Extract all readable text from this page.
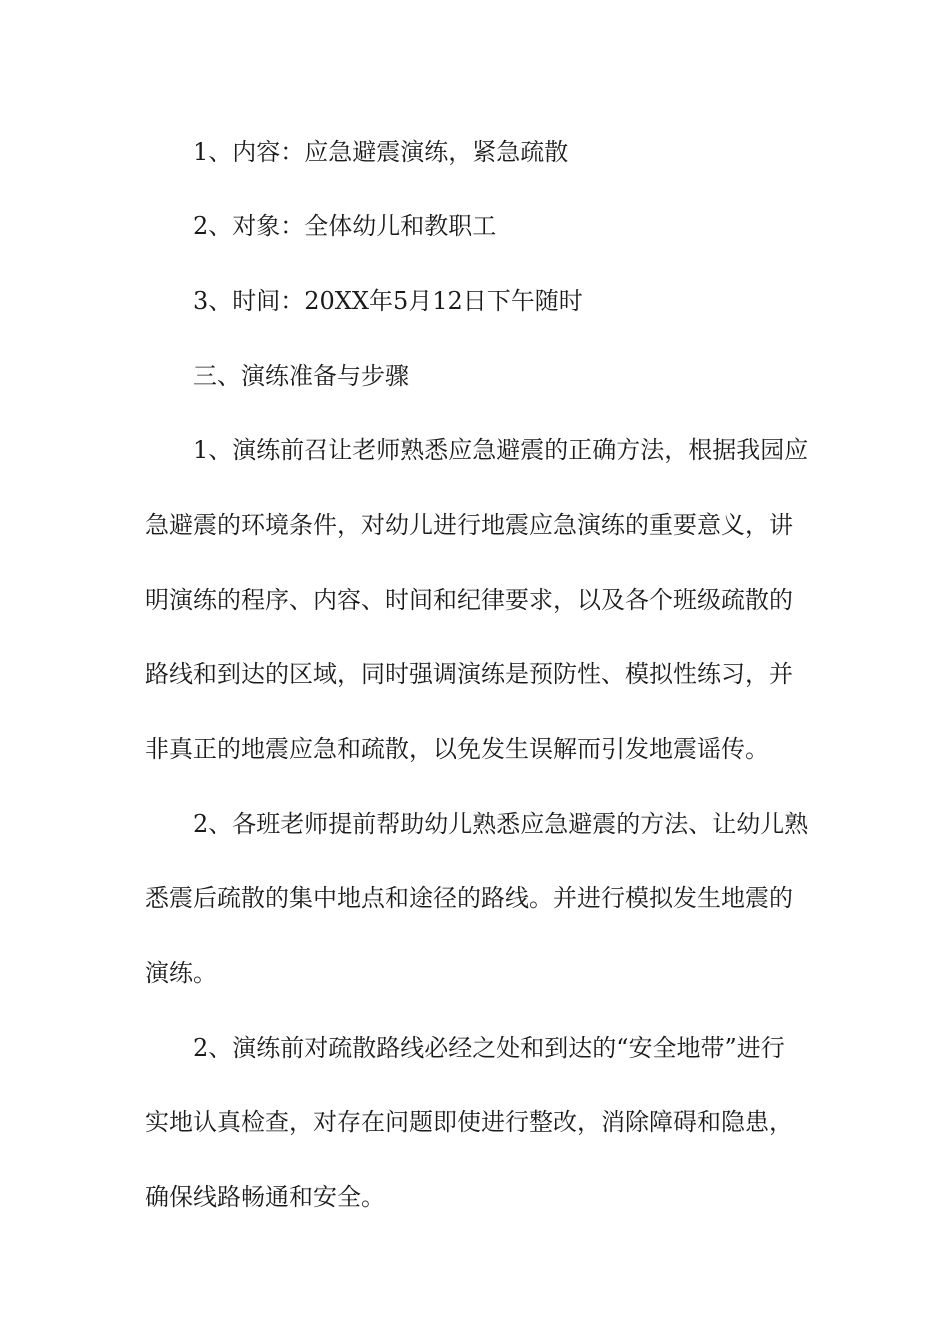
1、内容：应急避震演练，紧急疏散
2、对象：全体幼儿和教职工
3、时间：20XX年5月12日下午随时
三、演练准备与步骤
1、演练前召让老师熟悉应急避震的正确方法，根据我园应
急避震的环境条件，对幼儿进行地震应急演练的重要意义，讲
明演练的程序、内容、时间和纪律要求，以及各个班级疏散的
路线和到达的区域，同时强调演练是预防性、模拟性练习，并
非真正的地震应急和疏散，以免发生误解而引发地震谣传。
2、各班老师提前帮助幼儿熟悉应急避震的方法、让幼儿熟
悉震后疏散的集中地点和途径的路线。并进行模拟发生地震的
演练。
2、演练前对疏散路线必经之处和到达的“安全地带”进行
实地认真检查，对存在问题即使进行整改，消除障碍和隐患，
确保线路畅通和安全。
